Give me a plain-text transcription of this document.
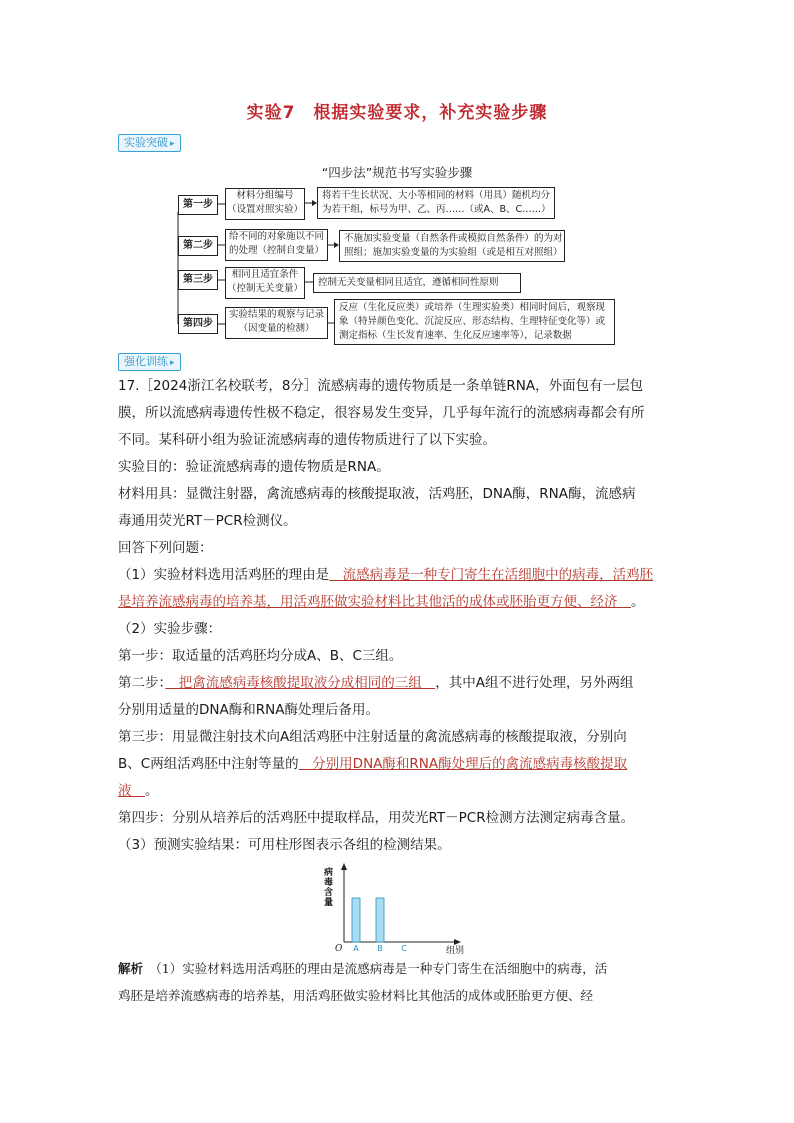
实验7　根据实验要求，补充实验步骤
实验突破 ▸
“四步法”规范书写实验步骤
第一步
材料分组编号
（设置对照实验）
将若干生长状况、大小等相同的材料（用具）随机均分
为若干组，标号为甲、乙、丙……（或A、B、C……）
第二步
给不同的对象施以不同
的处理（控制自变量）
不施加实验变量（自然条件或模拟自然条件）的为对
照组；施加实验变量的为实验组（或是相互对照组）
第三步	相同且适宜条件
（控制无关变量）
控制无关变量相同且适宜，遵循相同性原则
第四步
实验结果的观察与记录
（因变量的检测）
反应（生化反应类）或培养（生理实验类）相同时间后，观察现
象（特异颜色变化、沉淀反应、形态结构、生理特征变化等）或
测定指标（生长发育速率、生化反应速率等），记录数据
强化训练 ▸
17.［2024浙江名校联考，8分］流感病毒的遗传物质是一条单链RNA，外面包有一层包
膜，所以流感病毒遗传性极不稳定，很容易发生变异，几乎每年流行的流感病毒都会有所
不同。某科研小组为验证流感病毒的遗传物质进行了以下实验。
实验目的：验证流感病毒的遗传物质是RNA。
材料用具：显微注射器，禽流感病毒的核酸提取液，活鸡胚，DNA酶，RNA酶，流感病
毒通用荧光RT－PCR检测仪。
回答下列问题：
（1）实验材料选用活鸡胚的理由是　流感病毒是一种专门寄生在活细胞中的病毒，活鸡胚
是培养流感病毒的培养基，用活鸡胚做实验材料比其他活的成体或胚胎更方便、经济　。
（2）实验步骤：
第一步：取适量的活鸡胚均分成A、B、C三组。
第二步：　把禽流感病毒核酸提取液分成相同的三组　，其中A组不进行处理，另外两组
分别用适量的DNA酶和RNA酶处理后备用。
第三步：用显微注射技术向A组活鸡胚中注射适量的禽流感病毒的核酸提取液，分别向
B、C两组活鸡胚中注射等量的　分别用DNA酶和RNA酶处理后的禽流感病毒核酸提取
液　。
第四步：分别从培养后的活鸡胚中提取样品，用荧光RT－PCR检测方法测定病毒含量。
（3）预测实验结果：可用柱形图表示各组的检测结果。
A B C
O	组别
病毒含量
解析　（1）实验材料选用活鸡胚的理由是流感病毒是一种专门寄生在活细胞中的病毒，活
鸡胚是培养流感病毒的培养基，用活鸡胚做实验材料比其他活的成体或胚胎更方便、经
